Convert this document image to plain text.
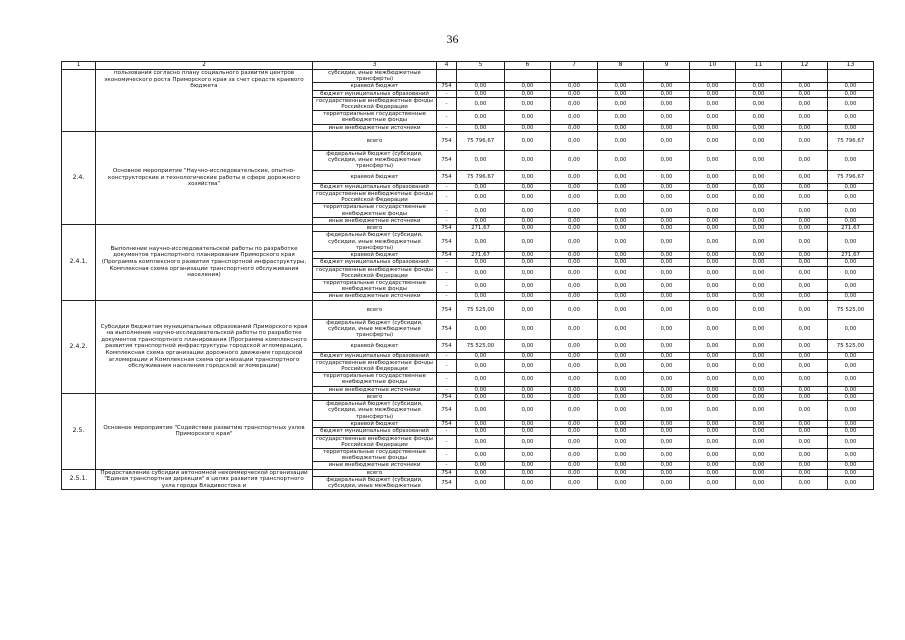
36
1	2	3	4	5	6	7	8	9	10	11	12	13
	пользования согласно плану социального развития центров экономического роста Приморского края за счет средств краевого бюджета	субсидии, иные межбюджетные трансферты)										
		краевой бюджет	754	0,00	0,00	0,00	0,00	0,00	0,00	0,00	0,00	0,00
		бюджет муниципальных образований	-	0,00	0,00	0,00	0,00	0,00	0,00	0,00	0,00	0,00
		государственные внебюджетные фонды Российской Федерации	-	0,00	0,00	0,00	0,00	0,00	0,00	0,00	0,00	0,00
		территориальные государственные внебюджетные фонды	-	0,00	0,00	0,00	0,00	0,00	0,00	0,00	0,00	0,00
		иные внебюджетные источники	-	0,00	0,00	0,00	0,00	0,00	0,00	0,00	0,00	0,00
2.4.	Основное мероприятие "Научно-исследовательские, опытно-конструкторские и технологические работы в сфере дорожного хозяйства"	всего	754	75 796,67	0,00	0,00	0,00	0,00	0,00	0,00	0,00	75 796,67
		федеральный бюджет (субсидии, субсидии, иные межбюджетные трансферты)	754	0,00	0,00	0,00	0,00	0,00	0,00	0,00	0,00	0,00
		краевой бюджет	754	75 796,67	0,00	0,00	0,00	0,00	0,00	0,00	0,00	75 796,67
		бюджет муниципальных образований	-	0,00	0,00	0,00	0,00	0,00	0,00	0,00	0,00	0,00
		государственные внебюджетные фонды Российской Федерации	-	0,00	0,00	0,00	0,00	0,00	0,00	0,00	0,00	0,00
		территориальные государственные внебюджетные фонды	-	0,00	0,00	0,00	0,00	0,00	0,00	0,00	0,00	0,00
		иные внебюджетные источники	-	0,00	0,00	0,00	0,00	0,00	0,00	0,00	0,00	0,00
2.4.1.	Выполнение научно-исследовательской работы по разработке документов транспортного планирования Приморского края (Программа комплексного развития транспортной инфраструктуры, Комплексная схема организации транспортного обслуживания населения)	всего	754	271,67	0,00	0,00	0,00	0,00	0,00	0,00	0,00	271,67
		федеральный бюджет (субсидии, субсидии, иные межбюджетные трансферты)	754	0,00	0,00	0,00	0,00	0,00	0,00	0,00	0,00	0,00
		краевой бюджет	754	271,67	0,00	0,00	0,00	0,00	0,00	0,00	0,00	271,67
		бюджет муниципальных образований	-	0,00	0,00	0,00	0,00	0,00	0,00	0,00	0,00	0,00
		государственные внебюджетные фонды Российской Федерации	-	0,00	0,00	0,00	0,00	0,00	0,00	0,00	0,00	0,00
		территориальные государственные внебюджетные фонды	-	0,00	0,00	0,00	0,00	0,00	0,00	0,00	0,00	0,00
		иные внебюджетные источники	-	0,00	0,00	0,00	0,00	0,00	0,00	0,00	0,00	0,00
2.4.2.	Субсидии бюджетам муниципальных образований Приморского края на выполнение научно-исследовательской работы по разработке документов транспортного планирования (Программа комплексного развития транспортной инфраструктуры городской агломерации, Комплексная схема организации дорожного движения городской агломерации и Комплексная схема организации транспортного обслуживания населения городской агломерации)	всего	754	75 525,00	0,00	0,00	0,00	0,00	0,00	0,00	0,00	75 525,00
		федеральный бюджет (субсидии, субсидии, иные межбюджетные трансферты)	754	0,00	0,00	0,00	0,00	0,00	0,00	0,00	0,00	0,00
		краевой бюджет	754	75 525,00	0,00	0,00	0,00	0,00	0,00	0,00	0,00	75 525,00
		бюджет муниципальных образований	-	0,00	0,00	0,00	0,00	0,00	0,00	0,00	0,00	0,00
		государственные внебюджетные фонды Российской Федерации	-	0,00	0,00	0,00	0,00	0,00	0,00	0,00	0,00	0,00
		территориальные государственные внебюджетные фонды	-	0,00	0,00	0,00	0,00	0,00	0,00	0,00	0,00	0,00
		иные внебюджетные источники	-	0,00	0,00	0,00	0,00	0,00	0,00	0,00	0,00	0,00
2.5.	Основное мероприятие "Содействие развитию транспортных узлов Приморского края"	всего	754	0,00	0,00	0,00	0,00	0,00	0,00	0,00	0,00	0,00
		федеральный бюджет (субсидии, субсидии, иные межбюджетные трансферты)	754	0,00	0,00	0,00	0,00	0,00	0,00	0,00	0,00	0,00
		краевой бюджет	754	0,00	0,00	0,00	0,00	0,00	0,00	0,00	0,00	0,00
		бюджет муниципальных образований	-	0,00	0,00	0,00	0,00	0,00	0,00	0,00	0,00	0,00
		государственные внебюджетные фонды Российской Федерации	-	0,00	0,00	0,00	0,00	0,00	0,00	0,00	0,00	0,00
		территориальные государственные внебюджетные фонды	-	0,00	0,00	0,00	0,00	0,00	0,00	0,00	0,00	0,00
		иные внебюджетные источники	-	0,00	0,00	0,00	0,00	0,00	0,00	0,00	0,00	0,00
2.5.1.	Предоставление субсидии автономной некоммерческой организации "Единая транспортная дирекция" в целях развития транспортного узла города Владивостока и	всего	754	0,00	0,00	0,00	0,00	0,00	0,00	0,00	0,00	0,00
		федеральный бюджет (субсидии, субсидии, иные межбюджетные	754	0,00	0,00	0,00	0,00	0,00	0,00	0,00	0,00	0,00
